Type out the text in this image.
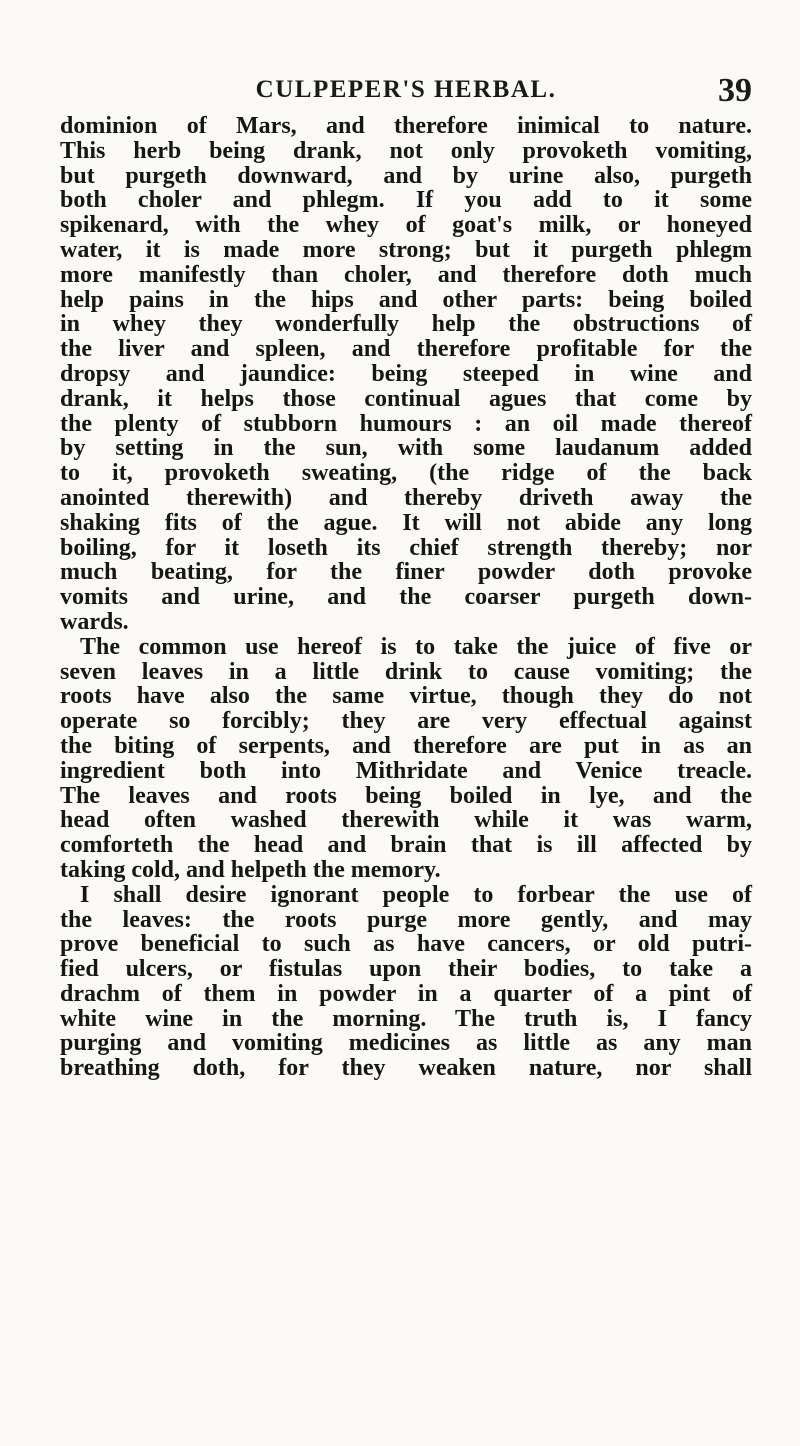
CULPEPER'S HERBAL.	39
dominion of Mars, and therefore inimical to nature.
This herb being drank, not only provoketh vomiting,
but purgeth downward, and by urine also, purgeth
both choler and phlegm. If you add to it some
spikenard, with the whey of goat's milk, or honeyed
water, it is made more strong; but it purgeth phlegm
more manifestly than choler, and therefore doth much
help pains in the hips and other parts: being boiled
in whey they wonderfully help the obstructions of
the liver and spleen, and therefore profitable for the
dropsy and jaundice: being steeped in wine and
drank, it helps those continual agues that come by
the plenty of stubborn humours : an oil made thereof
by setting in the sun, with some laudanum added
to it, provoketh sweating, (the ridge of the back
anointed therewith) and thereby driveth away the
shaking fits of the ague. It will not abide any long
boiling, for it loseth its chief strength thereby; nor
much beating, for the finer powder doth provoke
vomits and urine, and the coarser purgeth down-
wards.
The common use hereof is to take the juice of five or
seven leaves in a little drink to cause vomiting; the
roots have also the same virtue, though they do not
operate so forcibly; they are very effectual against
the biting of serpents, and therefore are put in as an
ingredient both into Mithridate and Venice treacle.
The leaves and roots being boiled in lye, and the
head often washed therewith while it was warm,
comforteth the head and brain that is ill affected by
taking cold, and helpeth the memory.
I shall desire ignorant people to forbear the use of
the leaves: the roots purge more gently, and may
prove beneficial to such as have cancers, or old putri-
fied ulcers, or fistulas upon their bodies, to take a
drachm of them in powder in a quarter of a pint of
white wine in the morning. The truth is, I fancy
purging and vomiting medicines as little as any man
breathing doth, for they weaken nature, nor shall
